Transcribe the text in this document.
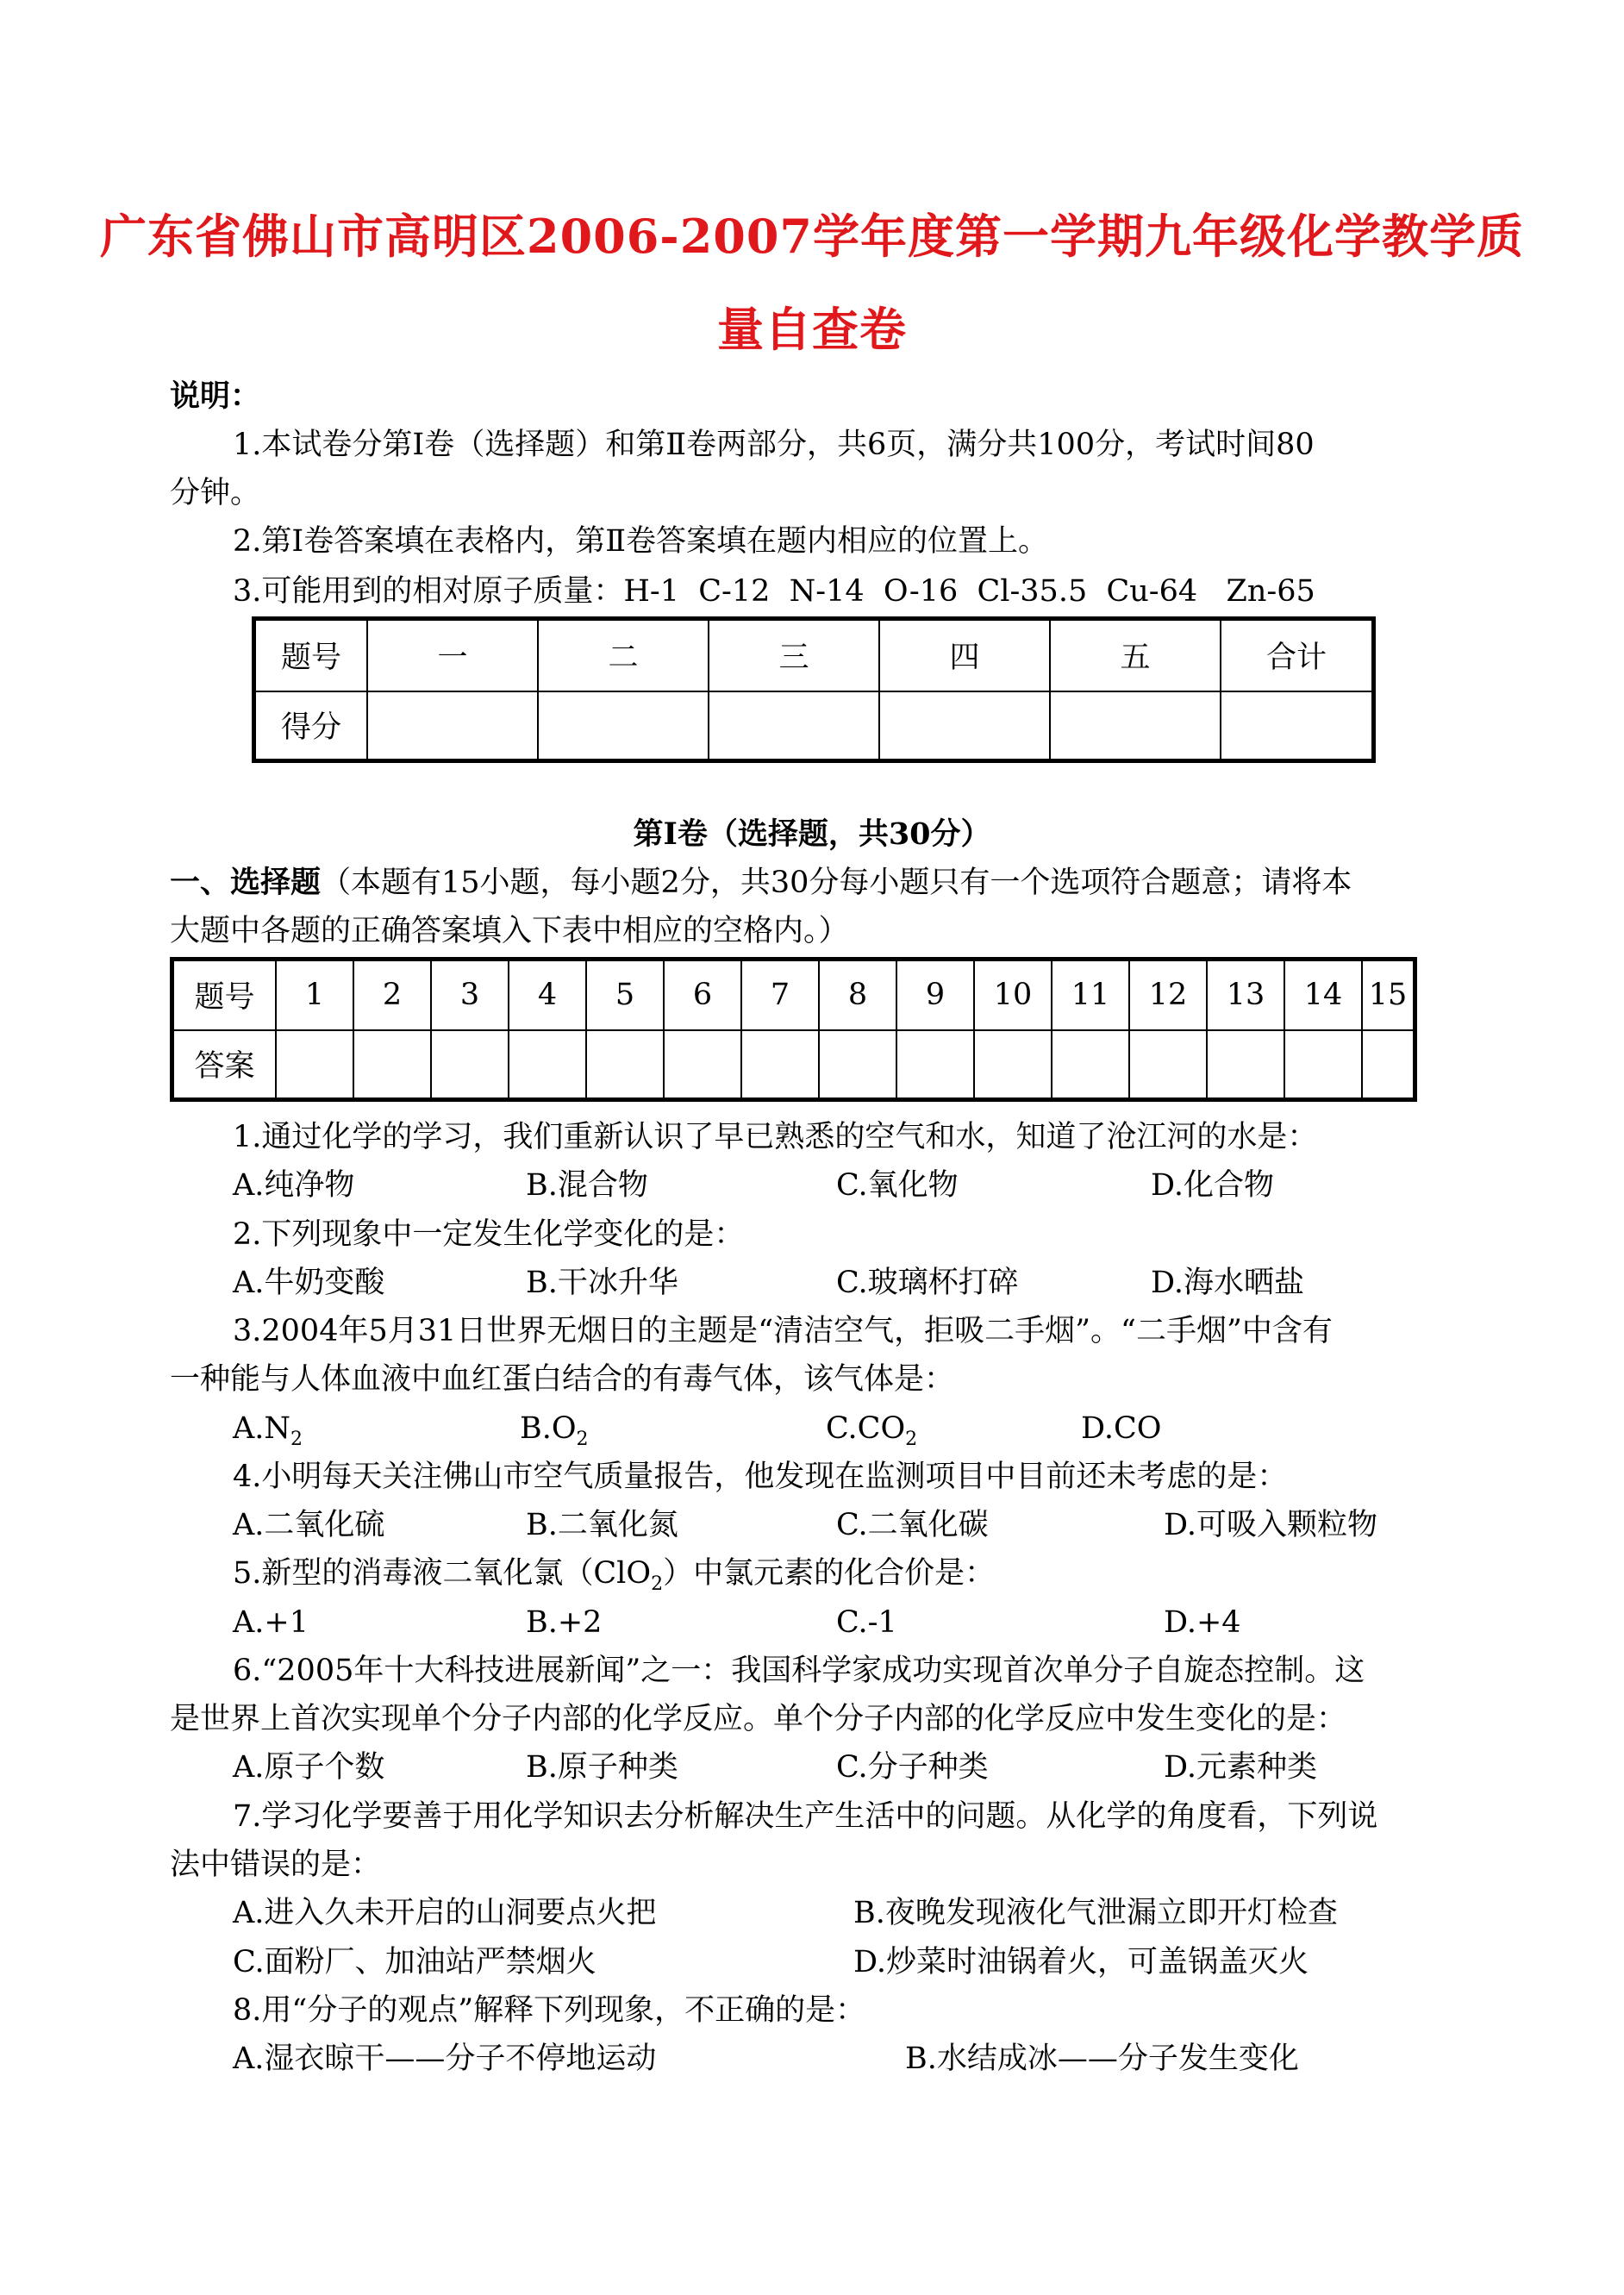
广东省佛山市高明区2006-2007学年度第一学期九年级化学教学质
量自查卷
说明：
1.本试卷分第Ⅰ卷（选择题）和第Ⅱ卷两部分，共6页，满分共100分，考试时间80
分钟。
2.第Ⅰ卷答案填在表格内，第Ⅱ卷答案填在题内相应的位置上。
3.可能用到的相对原子质量：H-1  C-12  N-14  O-16  Cl-35.5  Cu-64   Zn-65
题号	一	二	三	四	五	合计
得分						
第Ⅰ卷（选择题，共30分）
一、选择题（本题有15小题，每小题2分，共30分每小题只有一个选项符合题意；请将本
大题中各题的正确答案填入下表中相应的空格内。）
题号	1	2	3	4	5	6	7	8	9	10	11	12	13	14	15
答案															
1.通过化学的学习，我们重新认识了早已熟悉的空气和水，知道了沧江河的水是：
A.纯净物	B.混合物	C.氧化物	D.化合物
2.下列现象中一定发生化学变化的是：
A.牛奶变酸	B.干冰升华	C.玻璃杯打碎	D.海水晒盐
3.2004年5月31日世界无烟日的主题是“清洁空气，拒吸二手烟”。“二手烟”中含有
一种能与人体血液中血红蛋白结合的有毒气体，该气体是：
$A.N_2$	$B.O_2$	$C.CO_2$	D.CO
4.小明每天关注佛山市空气质量报告，他发现在监测项目中目前还未考虑的是：
A.二氧化硫	B.二氧化氮	C.二氧化碳	D.可吸入颗粒物
5.新型的消毒液二氧化氯（ClO$_2$）中氯元素的化合价是：
A.+1	B.+2	C.-1	D.+4
6.“2005年十大科技进展新闻”之一：我国科学家成功实现首次单分子自旋态控制。这
是世界上首次实现单个分子内部的化学反应。单个分子内部的化学反应中发生变化的是：
A.原子个数	B.原子种类	C.分子种类	D.元素种类
7.学习化学要善于用化学知识去分析解决生产生活中的问题。从化学的角度看，下列说
法中错误的是：
A.进入久未开启的山洞要点火把	B.夜晚发现液化气泄漏立即开灯检查
C.面粉厂、加油站严禁烟火	D.炒菜时油锅着火，可盖锅盖灭火
8.用“分子的观点”解释下列现象，不正确的是：
A.湿衣晾干——分子不停地运动	B.水结成冰——分子发生变化
